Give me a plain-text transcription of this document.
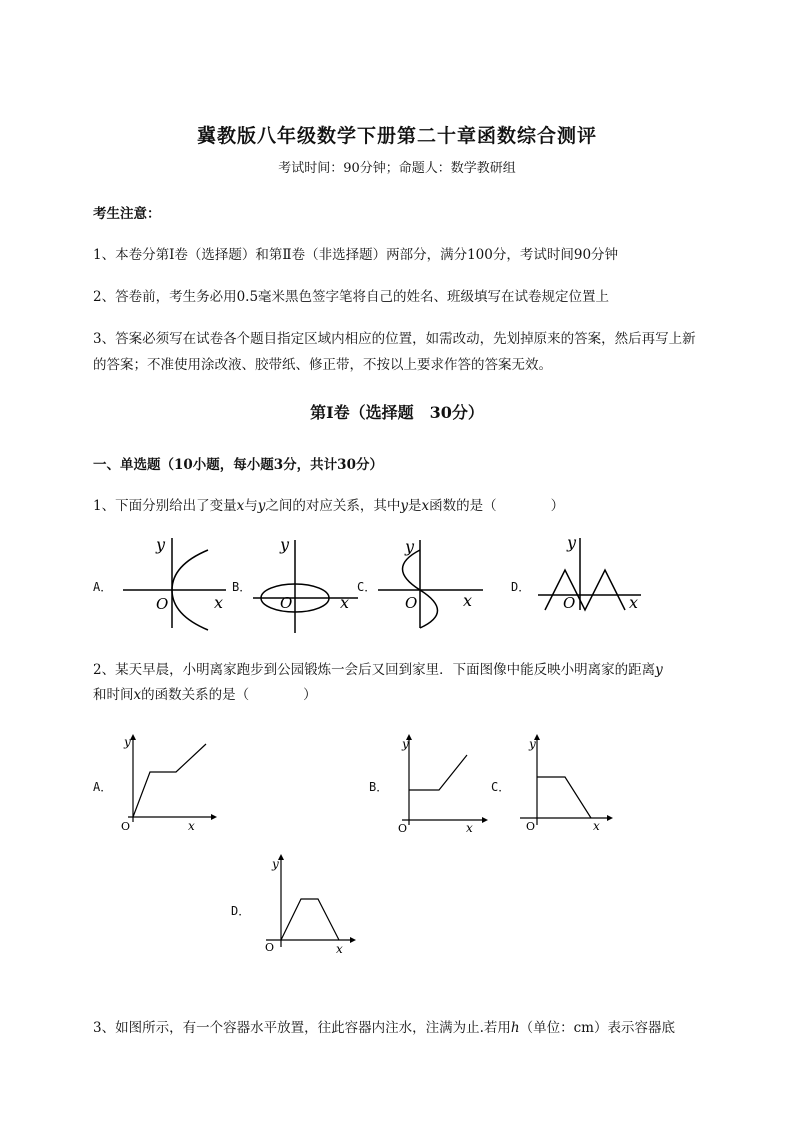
冀教版八年级数学下册第二十章函数综合测评
考试时间：90分钟；命题人：数学教研组
考生注意：
1、本卷分第Ⅰ卷（选择题）和第Ⅱ卷（非选择题）两部分，满分100分，考试时间90分钟
2、答卷前，考生务必用0.5毫米黑色签字笔将自己的姓名、班级填写在试卷规定位置上
3、答案必须写在试卷各个题目指定区域内相应的位置，如需改动，先划掉原来的答案，然后再写上新
的答案；不准使用涂改液、胶带纸、修正带，不按以上要求作答的答案无效。
第Ⅰ卷（选择题　30分）
一、单选题（10小题，每小题3分，共计30分）
1、下面分别给出了变量x与y之间的对应关系，其中y是x函数的是（　　　　）
A．	B．	C．	D．
y
x
O
y
x
O
y
x
O
y
x
O
2、某天早晨，小明离家跑步到公园锻炼一会后又回到家里．下面图像中能反映小明离家的距离y
和时间x的函数关系的是（　　　　）
A．	B．	C．
D．
y
x
O
y
x
O
y
x
O
y
x
O
3、如图所示，有一个容器水平放置，往此容器内注水，注满为止.若用h（单位：cm）表示容器底
